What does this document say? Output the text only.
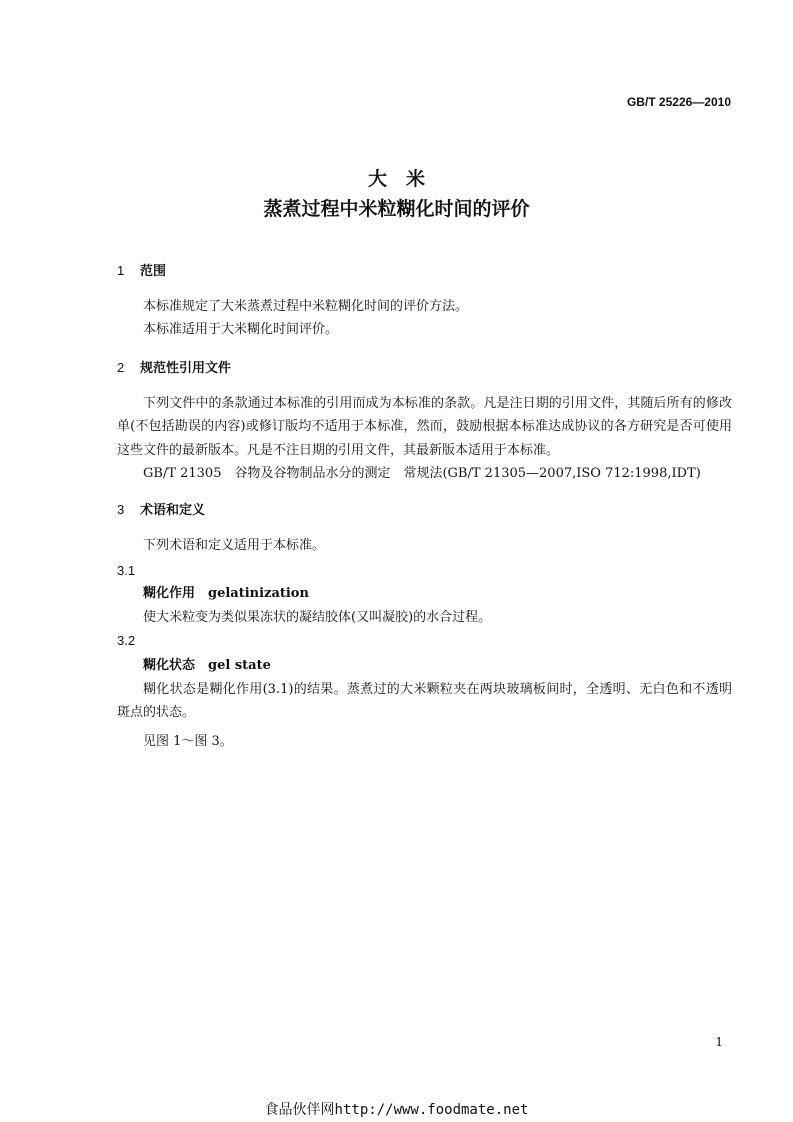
GB/T 25226—2010
大　米
蒸煮过程中米粒糊化时间的评价
1 范围
本标准规定了大米蒸煮过程中米粒糊化时间的评价方法。
本标准适用于大米糊化时间评价。
2 规范性引用文件
下列文件中的条款通过本标准的引用而成为本标准的条款。凡是注日期的引用文件，其随后所有的修改单(不包括勘误的内容)或修订版均不适用于本标准，然而，鼓励根据本标准达成协议的各方研究是否可使用这些文件的最新版本。凡是不注日期的引用文件，其最新版本适用于本标准。
GB/T 21305　谷物及谷物制品水分的测定　常规法(GB/T 21305—2007,ISO 712:1998,IDT)
3 术语和定义
下列术语和定义适用于本标准。
3.1
糊化作用　gelatinization
使大米粒变为类似果冻状的凝结胶体(又叫凝胶)的水合过程。
3.2
糊化状态　gel state
糊化状态是糊化作用(3.1)的结果。蒸煮过的大米颗粒夹在两块玻璃板间时，全透明、无白色和不透明斑点的状态。
见图 1～图 3。
1
食品伙伴网http://www.foodmate.net
